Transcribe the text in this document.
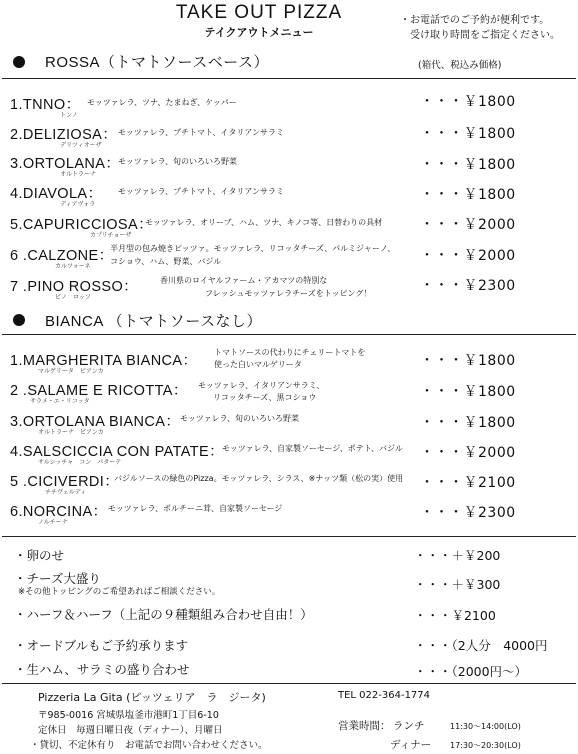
TAKE OUT PIZZA
テイクアウトメニュー
・お電話でのご予約が便利です。
受け取り時間をご指定ください。
ROSSA（トマトソースベース）	(箱代、税込み価格)
1.TNNO：
トンノ
モッツァレラ、ツナ、たまねぎ、ケッパー	・・・￥1800
2.DELIZIOSA：
デリツィオーザ
モッツァレラ、プチトマト、イタリアンサラミ	・・・￥1800
3.ORTOLANA：
オルトラーナ
モッツァレラ、旬のいろいろ野菜	・・・￥1800
4.DIAVOLA：
ディアヴォラ
モッツァレラ、プチトマト、イタリアンサラミ	・・・￥1800
5.CAPURICCIOSA：
カプリチョーザ
モッツァレラ、オリーブ、ハム、ツナ、キノコ等、日替わりの具材	・・・￥2000
6 .CALZONE：
カルツォーネ
半月型の包み焼きピッツァ。モッツァレラ、リコッタチーズ、パルミジャーノ、
コショウ、ハム、野菜、バジル	・・・￥2000
7 .PINO ROSSO：
ピノ　ロッソ
香川県のロイヤルファーム・アカマツの特別な
フレッシュモッツァレラチーズをトッピング！	・・・￥2300
BIANCA （トマトソースなし）
1.MARGHERITA BIANCA：
マルゲリータ　ビアンカ
トマトソースの代わりにチェリートマトを
使った白いマルゲリータ	・・・￥1800
2 .SALAME E RICOTTA：
サラメ・エ・リコッタ
モッツァレラ、イタリアンサラミ、
リコッタチーズ、黒コショウ	・・・￥1800
3.ORTOLANA BIANCA：
オルトラーナ　ビアンカ
モッツァレラ、旬のいろいろ野菜	・・・￥1800
4.SALSCICCIA CON PATATE：
サルシッチャ　コン　パターテ
モッツァレラ、自家製ソーセージ、ポテト、バジル ・・・￥2000
5 .CICIVERDI：
チチヴェルディ
バジルソースの緑色のPizza。モッツァレラ、シラス、※ナッツ類（松の実）使用 ・・・￥2100
6.NORCINA：
ノルチーナ
モッツァレラ、ポルチーニ茸、自家製ソーセージ	・・・￥2300
・卵のせ	・・・＋￥200
・チーズ大盛り
※その他トッピングのご希望あればご相談ください。	・・・＋￥300
・ハーフ＆ハーフ（上記の９種類組み合わせ自由！）	・・・￥2100
・オードブルもご予約承ります	・・・（2人分　4000円
・生ハム、サラミの盛り合わせ	・・・（2000円〜）
Pizzeria La Gita (ピッツェリア　ラ　ジータ)	TEL 022-364-1774
〒985-0016 宮城県塩釜市港町1丁目6-10
定休日　毎週日曜日夜（ディナー）、月曜日
・貸切、不定休有り　お電話でお問い合わせください。
営業時間： ランチ	11:30〜14:00(LO)
ディナー 17:30〜20:30(LO)
